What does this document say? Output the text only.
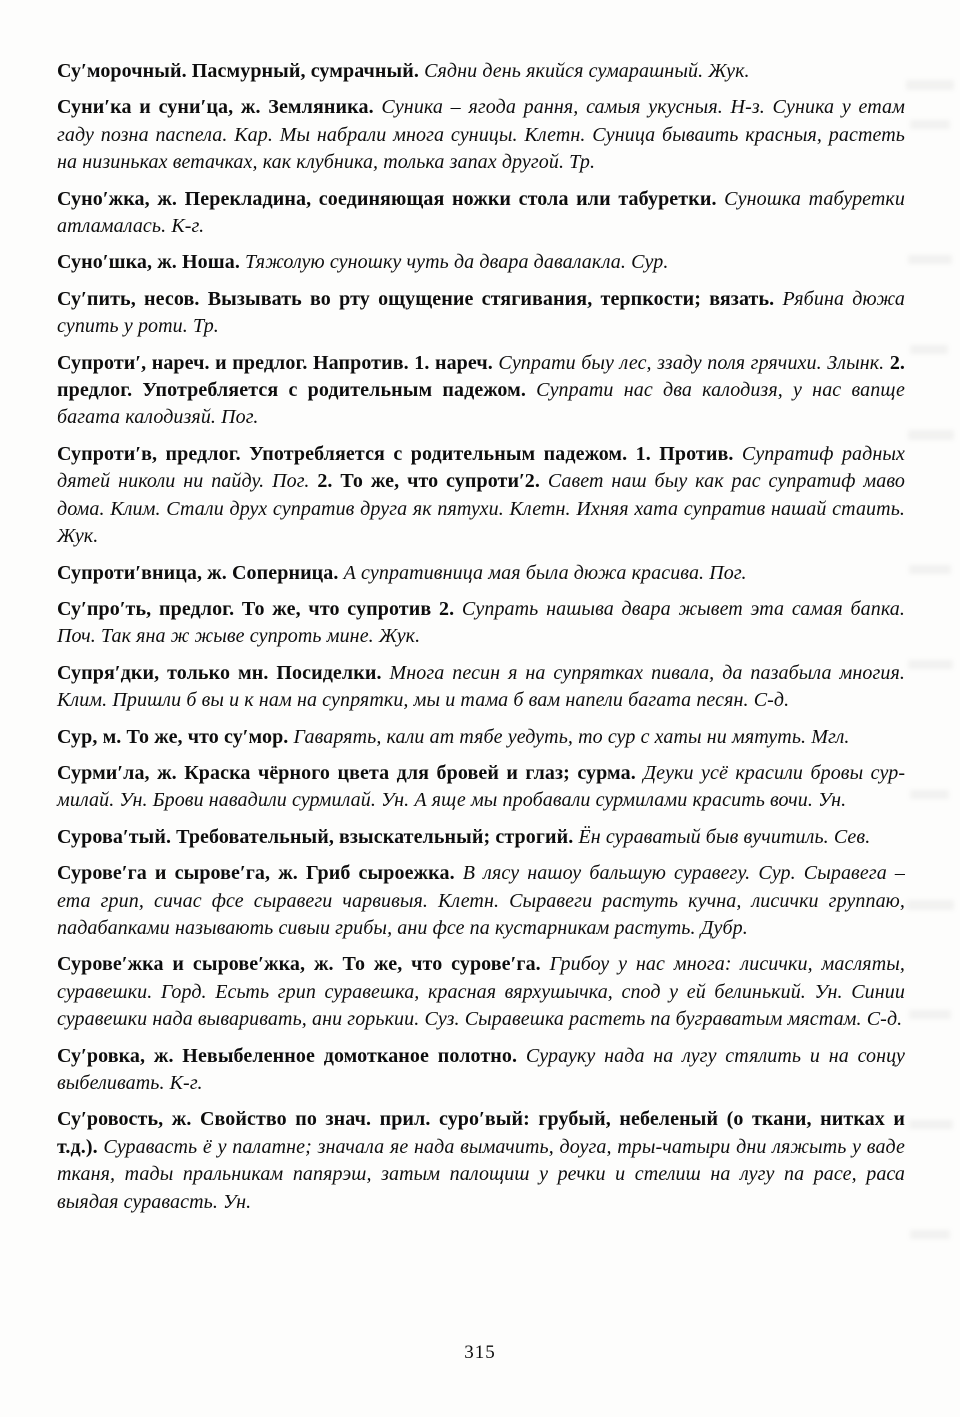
Су′морочный. Пасмурный, сумрачный. Сядни день якийся сумарашный. Жук.

Суни′ка и суни′ца, ж. Земляника. Суника – ягода рання, самыя укусныя. Н-з. Суника у етам гаду позна паспела. Кар. Мы набрали многа суницы. Клетн. Суница бываить красныя, растеть на низиньках ветачках, как клубника, толька запах другой. Тр.

Суно′жка, ж. Перекладина, соединяющая ножки стола или табуретки. Суношка табуретки атламалась. К-г.

Суно′шка, ж. Ноша. Тяжолую суношку чуть да двара давалакла. Сур.

Су′пить, несов. Вызывать во рту ощущение стягивания, терпкости; вязать. Рябина дюжа супить у роти. Тр.

Супроти′, нареч. и предлог. Напротив. 1. нареч. Супрати быу лес, ззаду поля грячихи. Злынк. 2. предлог. Употребляется с родительным падежом. Супрати нас два калодизя, у нас вапще багата калодизяй. Пог.

Супроти′в, предлог. Употребляется с родительным падежом. 1. Против. Супратиф радных дятей николи ни пайду. Пог. 2. То же, что супроти′2. Савет наш быу как рас супратиф маво дома. Клим. Стали друх супратив друга як пятухи. Клетн. Ихняя хата супратив нашай стаить. Жук.

Супроти′вница, ж. Соперница. А супративница мая была дюжа красива. Пог.

Су′про′ть, предлог. То же, что супротив 2. Супрать нашыва двара жывет эта самая бапка. Поч. Так яна ж жыве супроть мине. Жук.

Супря′дки, только мн. Посиделки. Многа песин я на супрятках пивала, да пазабыла многия. Клим. Пришли б вы и к нам на супрятки, мы и тама б вам напели багата песян. С-д.

Сур, м. То же, что су′мор. Гаварять, кали ат тябе уедуть, то сур с хаты ни мятуть. Мгл.

Сурми′ла, ж. Краска чёрного цвета для бровей и глаз; сурма. Деуки усё красили бровы сурмилай. Ун. Брови навадили сурмилай. Ун. А яще мы пробавали сурмилами красить вочи. Ун.

Сурова′тый. Требовательный, взыскательный; строгий. Ён сураватый быв вучитиль. Сев.

Сурове′га и сырове′га, ж. Гриб сыроежка. В лясу нашоу бальшую суравегу. Сур. Сыравега – ета грип, сичас фсе сыравеги чарвивыя. Клетн. Сыравеги растуть кучна, лисички группаю, падабапками называють сивыи грибы, ани фсе па кустарникам растуть. Дубр.

Сурове′жка и сырове′жка, ж. То же, что сурове′га. Грибоу у нас многа: лисички, масляты, суравешки. Горд. Есьть грип суравешка, красная вярхушычка, спод у ей белинький. Ун. Синии суравешки нада вываривать, ани горькии. Суз. Сыравешка растеть па буграватым мястам. С-д.

Су′ровка, ж. Невыбеленное домотканое полотно. Сурауку нада на лугу стялить и на сонцу выбеливать. К-г.

Су′ровость, ж. Свойство по знач. прил. суро′вый: грубый, небеленый (о ткани, нитках и т.д.). Суравасть ё у палатне; значала яе нада вымачить, доуга, тры-чатыри дни ляжыть у ваде тканя, тады пральникам папярэш, затым палощиш у речки и стелиш на лугу па расе, раса выядая суравасть. Ун.

315
